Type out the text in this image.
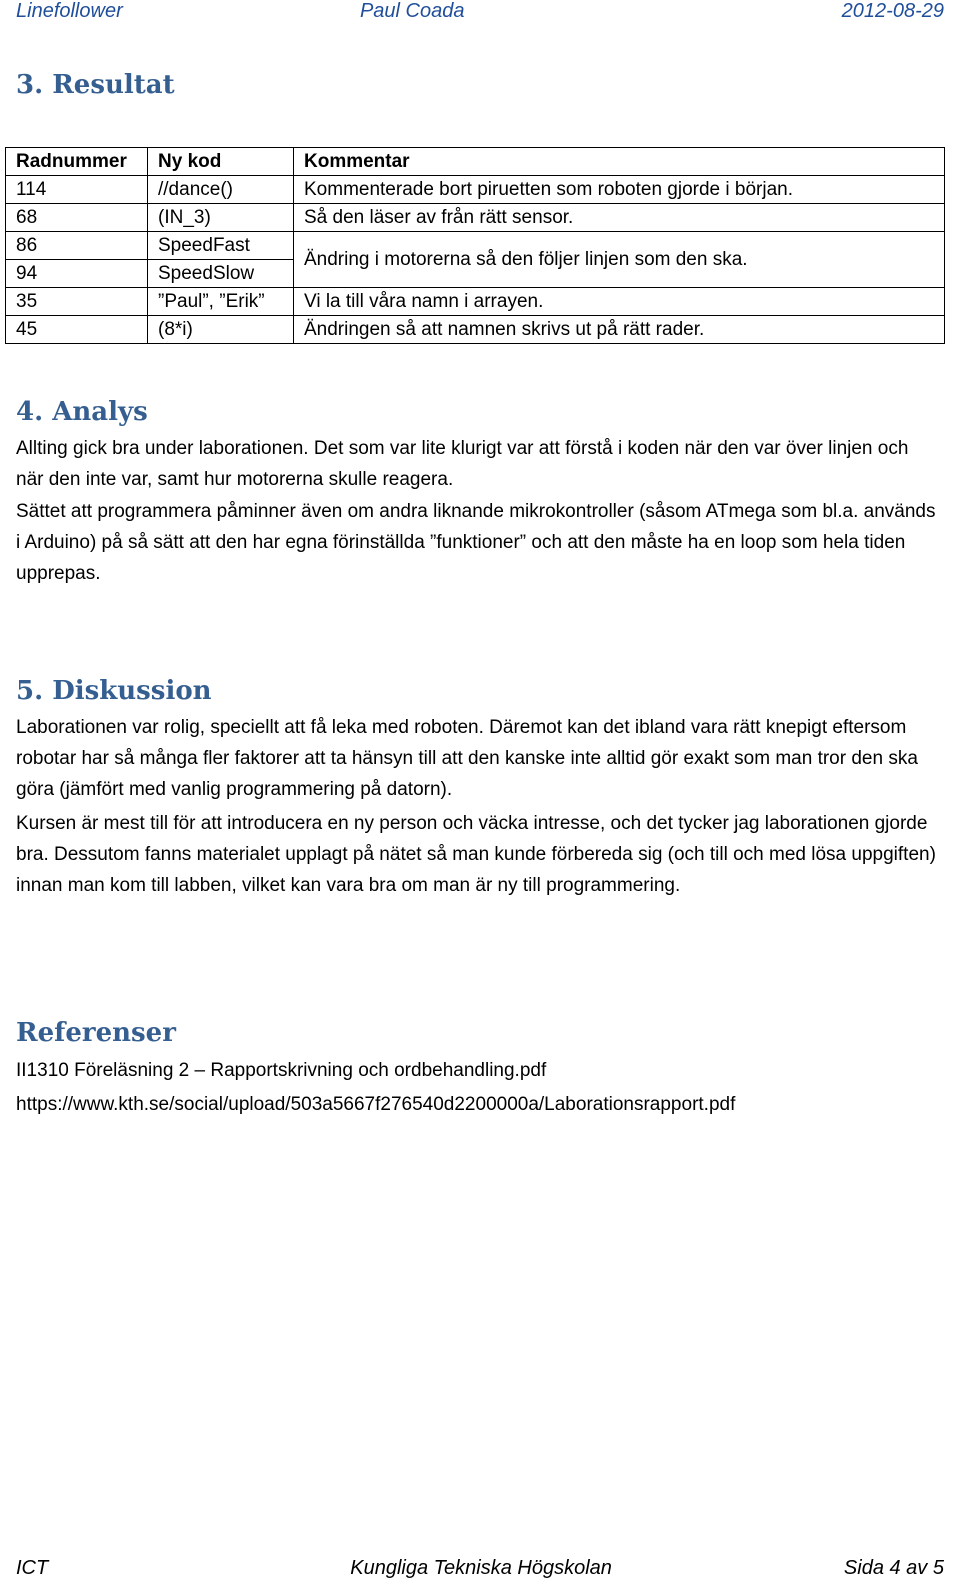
Linefollower	Paul Coada	2012-08-29
3. Resultat
Radnummer	Ny kod	Kommentar
114	//dance()	Kommenterade bort piruetten som roboten gjorde i början.
68	(IN_3)	Så den läser av från rätt sensor.
86	SpeedFast	Ändring i motorerna så den följer linjen som den ska.
94	SpeedSlow	
35	”Paul”, ”Erik”	Vi la till våra namn i arrayen.
45	(8*i)	Ändringen så att namnen skrivs ut på rätt rader.
4. Analys

Allting gick bra under laborationen. Det som var lite klurigt var att förstå i koden när den var över linjen och när den inte var, samt hur motorerna skulle reagera.

Sättet att programmera påminner även om andra liknande mikrokontroller (såsom ATmega som bl.a. används i Arduino) på så sätt att den har egna förinställda ”funktioner” och att den måste ha en loop som hela tiden upprepas.

5. Diskussion

Laborationen var rolig, speciellt att få leka med roboten. Däremot kan det ibland vara rätt knepigt eftersom robotar har så många fler faktorer att ta hänsyn till att den kanske inte alltid gör exakt som man tror den ska göra (jämfört med vanlig programmering på datorn).

Kursen är mest till för att introducera en ny person och väcka intresse, och det tycker jag laborationen gjorde bra. Dessutom fanns materialet upplagt på nätet så man kunde förbereda sig (och till och med lösa uppgiften) innan man kom till labben, vilket kan vara bra om man är ny till programmering.

Referenser
II1310 Föreläsning 2 – Rapportskrivning och ordbehandling.pdf
https://www.kth.se/social/upload/503a5667f276540d2200000a/Laborationsrapport.pdf
ICT	Kungliga Tekniska Högskolan	Sida 4 av 5
